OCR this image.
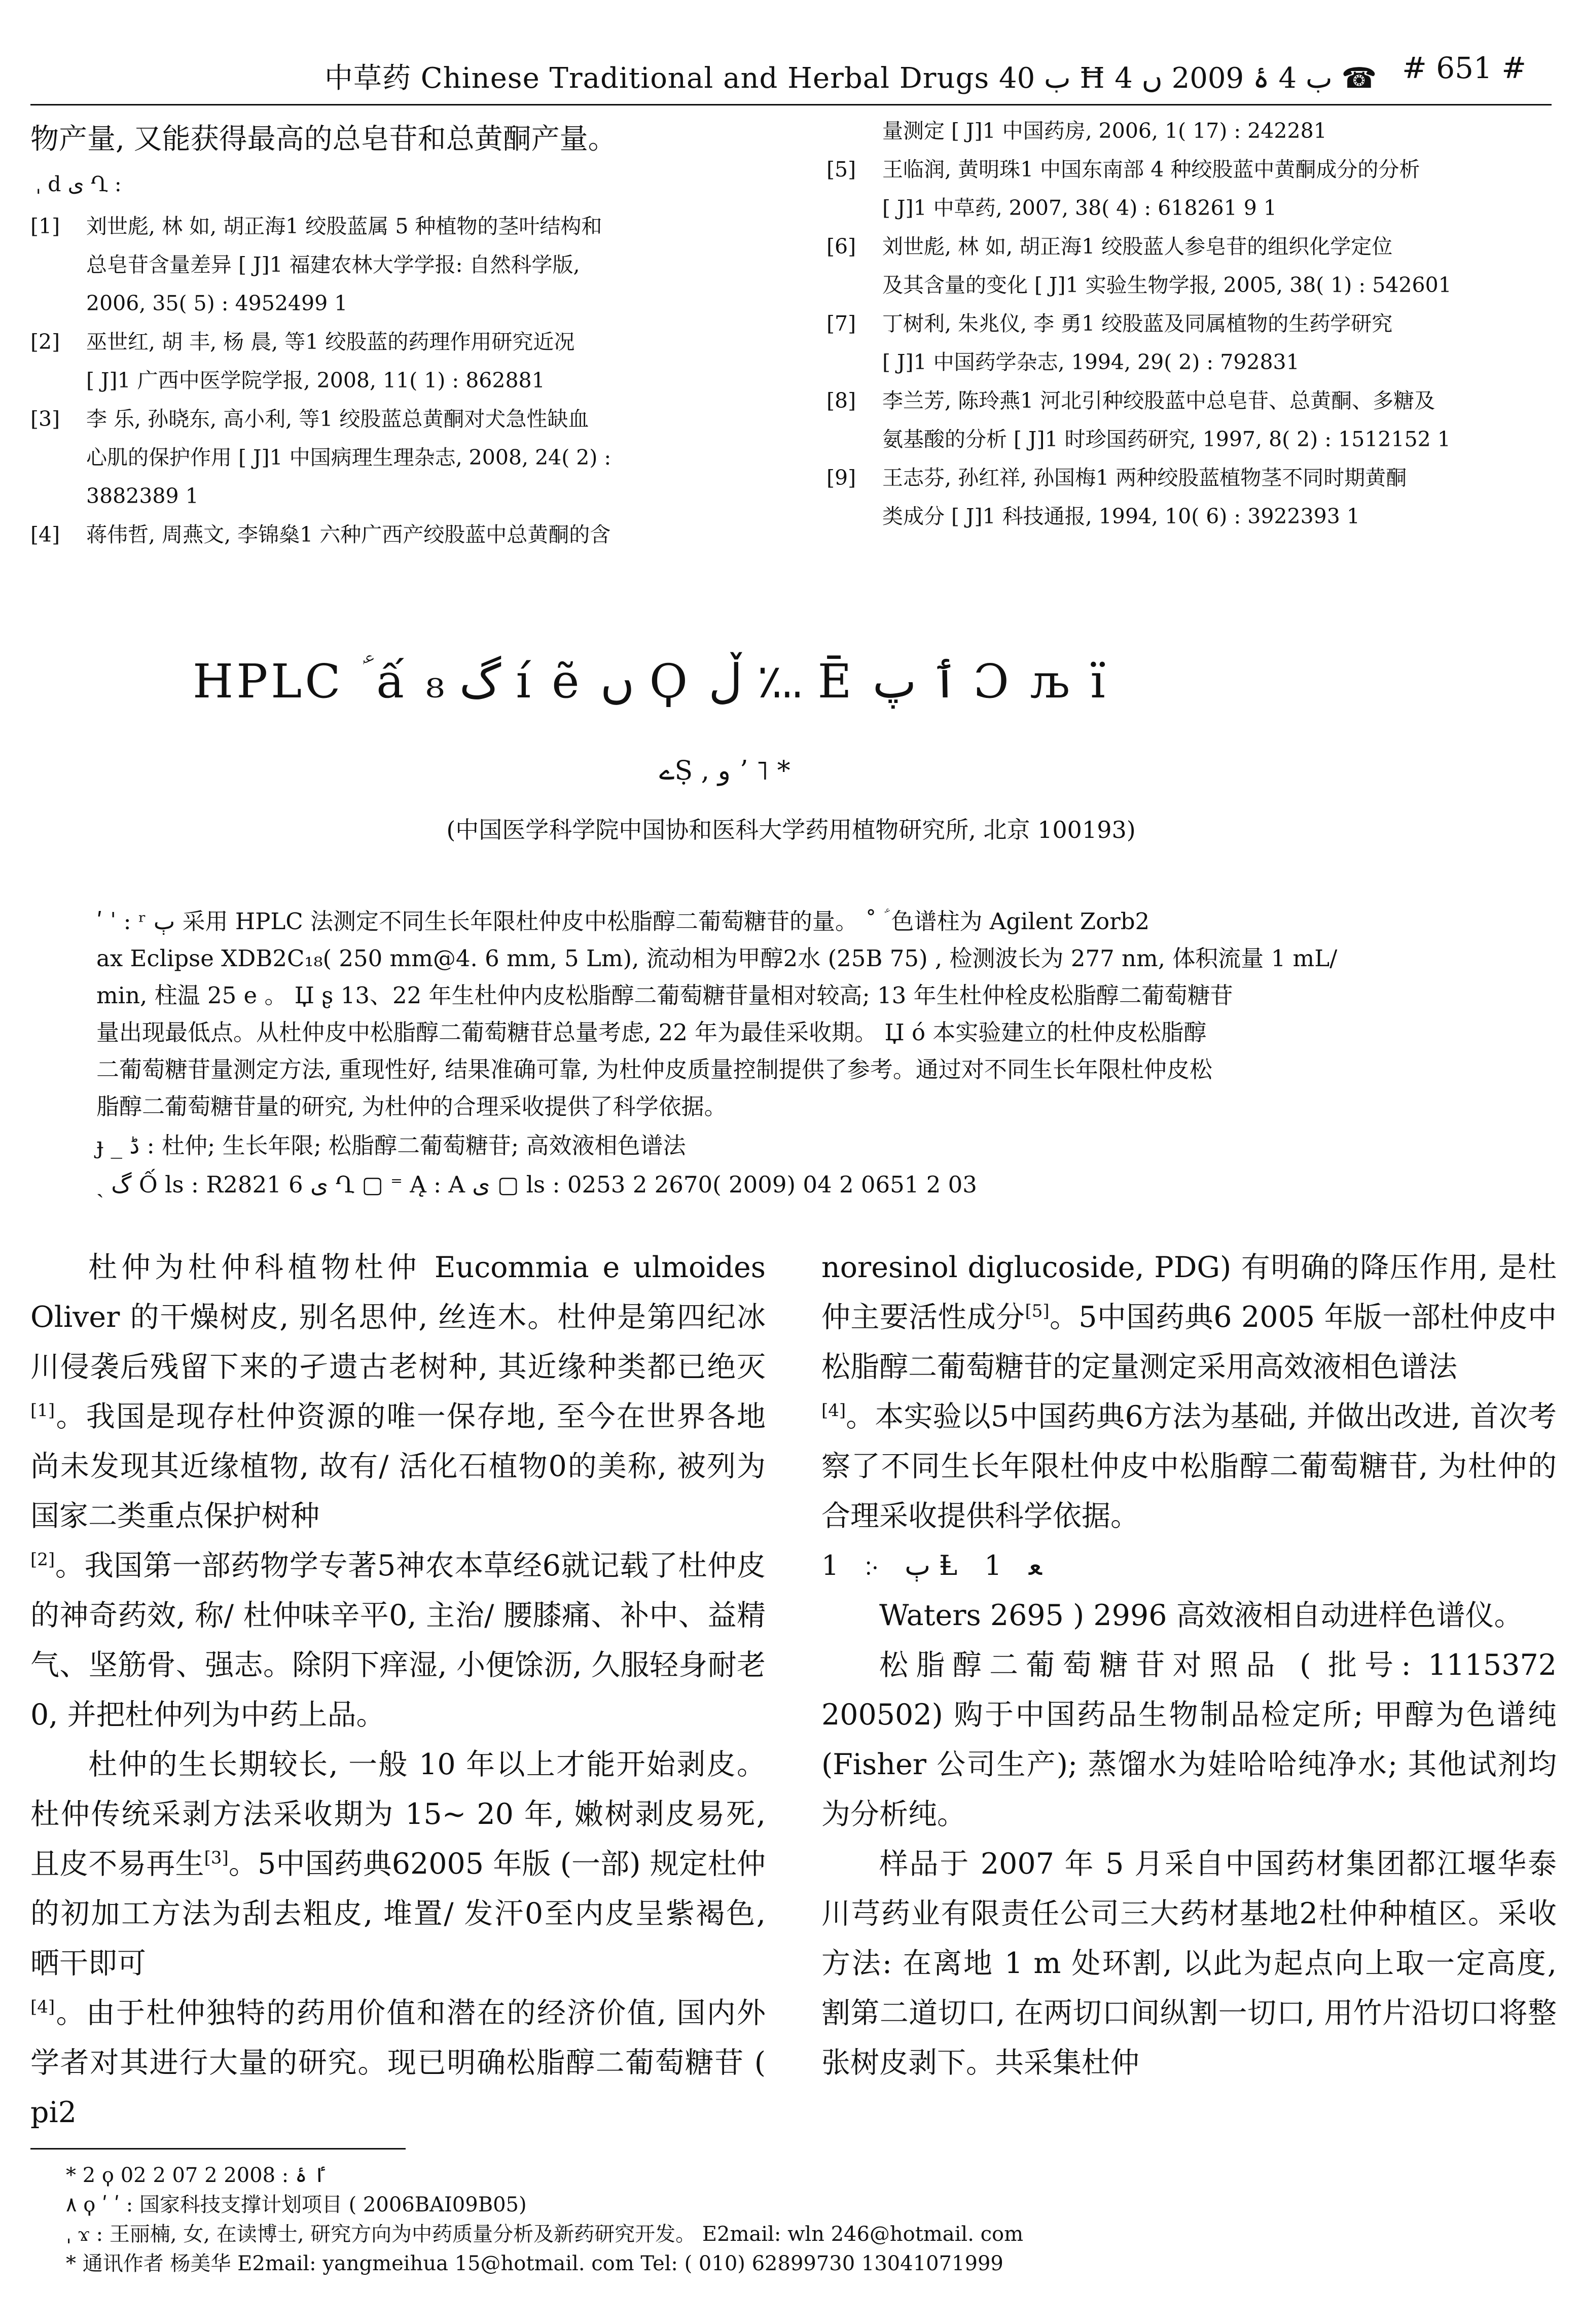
中草药 Chinese Traditional and Herbal Drugs ب 40 Ħ ب 4 ۂ 2009 ں 4 ☎ # 651 #
物产量, 又能获得最高的总皂苷和总黄酮产量。
ˌ d ى Ղ :
[1]	刘世彪, 林 如, 胡正海1 绞股蓝属 5 种植物的茎叶结构和
总皂苷含量差异 [ J]1 福建农林大学学报: 自然科学版,
2006, 35( 5) : 4952499 1
[2]	巫世红, 胡 丰, 杨 晨, 等1 绞股蓝的药理作用研究近况
[ J]1 广西中医学院学报, 2008, 11( 1) : 862881
[3]	李 乐, 孙晓东, 高小利, 等1 绞股蓝总黄酮对犬急性缺血
心肌的保护作用 [ J]1 中国病理生理杂志, 2008, 24( 2) :
3882389 1
[4]	蒋伟哲, 周燕文, 李锦燊1 六种广西产绞股蓝中总黄酮的含
量测定 [ J]1 中国药房, 2006, 1( 17) : 242281
[5]	王临润, 黄明珠1 中国东南部 4 种绞股蓝中黄酮成分的分析
[ J]1 中草药, 2007, 38( 4) : 618261 9 1
[6]	刘世彪, 林 如, 胡正海1 绞股蓝人参皂苷的组织化学定位
及其含量的变化 [ J]1 实验生物学报, 2005, 38( 1) : 542601
[7]	丁树利, 朱兆仪, 李 勇1 绞股蓝及同属植物的生药学研究
[ J]1 中国药学杂志, 1994, 29( 2) : 792831
[8]	李兰芳, 陈玲燕1 河北引种绞股蓝中总皂苷、总黄酮、多糖及
氨基酸的分析 [ J]1 时珍国药研究, 1997, 8( 2) : 1512152 1
[9]	王志芬, 孙红祥, 孙国梅1 两种绞股蓝植物茎不同时期黄酮
类成分 [ J]1 科技通报, 1994, 10( 6) : 3922393 1
HPLC ؑ ấ گ ₈ í ẽ ں Ϙ ڵ ؊ Ē ٲ پ Ɔ љ ї
ےṢ , و ʼ ˥ *
(中国医学科学院中国协和医科大学药用植物研究所, 北京 100193)
ʹ ˈ : ʳ ٻ 采用 HPLC 法测定不同生长年限杜仲皮中松脂醇二葡萄糖苷的量。 ˚ ؑ 色谱柱为 Agilent Zorb2
ax Eclipse XDB2C₁₈( 250 mm@4. 6 mm, 5 Lm), 流动相为甲醇2水 (25B 75) , 检测波长为 277 nm, 体积流量 1 mL/
min, 柱温 25 e 。 Џ ʂ 13、22 年生杜仲内皮松脂醇二葡萄糖苷量相对较高; 13 年生杜仲栓皮松脂醇二葡萄糖苷
量出现最低点。从杜仲皮中松脂醇二葡萄糖苷总量考虑, 22 年为最佳采收期。 Џ ó 本实验建立的杜仲皮松脂醇
二葡萄糖苷量测定方法, 重现性好, 结果准确可靠, 为杜仲皮质量控制提供了参考。通过对不同生长年限杜仲皮松
脂醇二葡萄糖苷量的研究, 为杜仲的合理采收提供了科学依据。
ɟ _ ڈ : 杜仲; 生长年限; 松脂醇二葡萄糖苷; 高效液相色谱法
ˎ گ Ố ls : R2821 6 ى Ղ ▢ ⁼ Ą : A ى ▢ ls : 0253 2 2670( 2009) 04 2 0651 2 03

杜仲为杜仲科植物杜仲 Eucommia e ulmoides Oliver 的干燥树皮, 别名思仲, 丝连木。杜仲是第四纪冰川侵袭后残留下来的孑遗古老树种, 其近缘种类都已绝灭[1]。我国是现存杜仲资源的唯一保存地, 至今在世界各地尚未发现其近缘植物, 故有/ 活化石植物0的美称, 被列为国家二类重点保护树种

[2]。我国第一部药物学专著5神农本草经6就记载了杜仲皮的神奇药效, 称/ 杜仲味辛平0, 主治/ 腰膝痛、补中、益精气、坚筋骨、强志。除阴下痒湿, 小便馀沥, 久服轻身耐老0, 并把杜仲列为中药上品。

杜仲的生长期较长, 一般 10 年以上才能开始剥皮。杜仲传统采剥方法采收期为 15~ 20 年, 嫩树剥皮易死, 且皮不易再生[3]。5中国药典62005 年版 (一部) 规定杜仲的初加工方法为刮去粗皮, 堆置/ 发汗0至内皮呈紫褐色, 晒干即可

[4]。由于杜仲独特的药用价值和潜在的经济价值, 国内外学者对其进行大量的研究。现已明确松脂醇二葡萄糖苷 ( pi2

noresinol diglucoside, PDG) 有明确的降压作用, 是杜仲主要活性成分[5]。5中国药典6 2005 年版一部杜仲皮中松脂醇二葡萄糖苷的定量测定采用高效液相色谱法

[4]。本实验以5中国药典6方法为基础, 并做出改进, 首次考察了不同生长年限杜仲皮中松脂醇二葡萄糖苷, 为杜仲的合理采收提供科学依据。

1 ჻ ٻ Ⱡ 1 ﻌ

Waters 2695 ) 2996 高效液相自动进样色谱仪。

松脂醇二葡萄糖苷对照品 ( 批号: 1115372 200502) 购于中国药品生物制品检定所; 甲醇为色谱纯 (Fisher 公司生产); 蒸馏水为娃哈哈纯净水; 其他试剂均为分析纯。

样品于 2007 年 5 月采自中国药材集团都江堰华泰川芎药业有限责任公司三大药材基地2杜仲种植区。采收方法: 在离地 1 m 处环割, 以此为起点向上取一定高度, 割第二道切口, 在两切口间纵割一切口, 用竹片沿切口将整张树皮剥下。共采集杜仲

* 2 ϙ ٵ ۂ : 2008 2 07 2 02
۸ ϙ ʹ ʹ : 国家科技支撑计划项目 ( 2006BAI09B05)
ˌ ϫ : 王丽楠, 女, 在读博士, 研究方向为中药质量分析及新药研究开发。 E2mail: wln 246@hotmail. com
* 通讯作者 杨美华 E2mail: yangmeihua 15@hotmail. com Tel: ( 010) 62899730 13041071999
